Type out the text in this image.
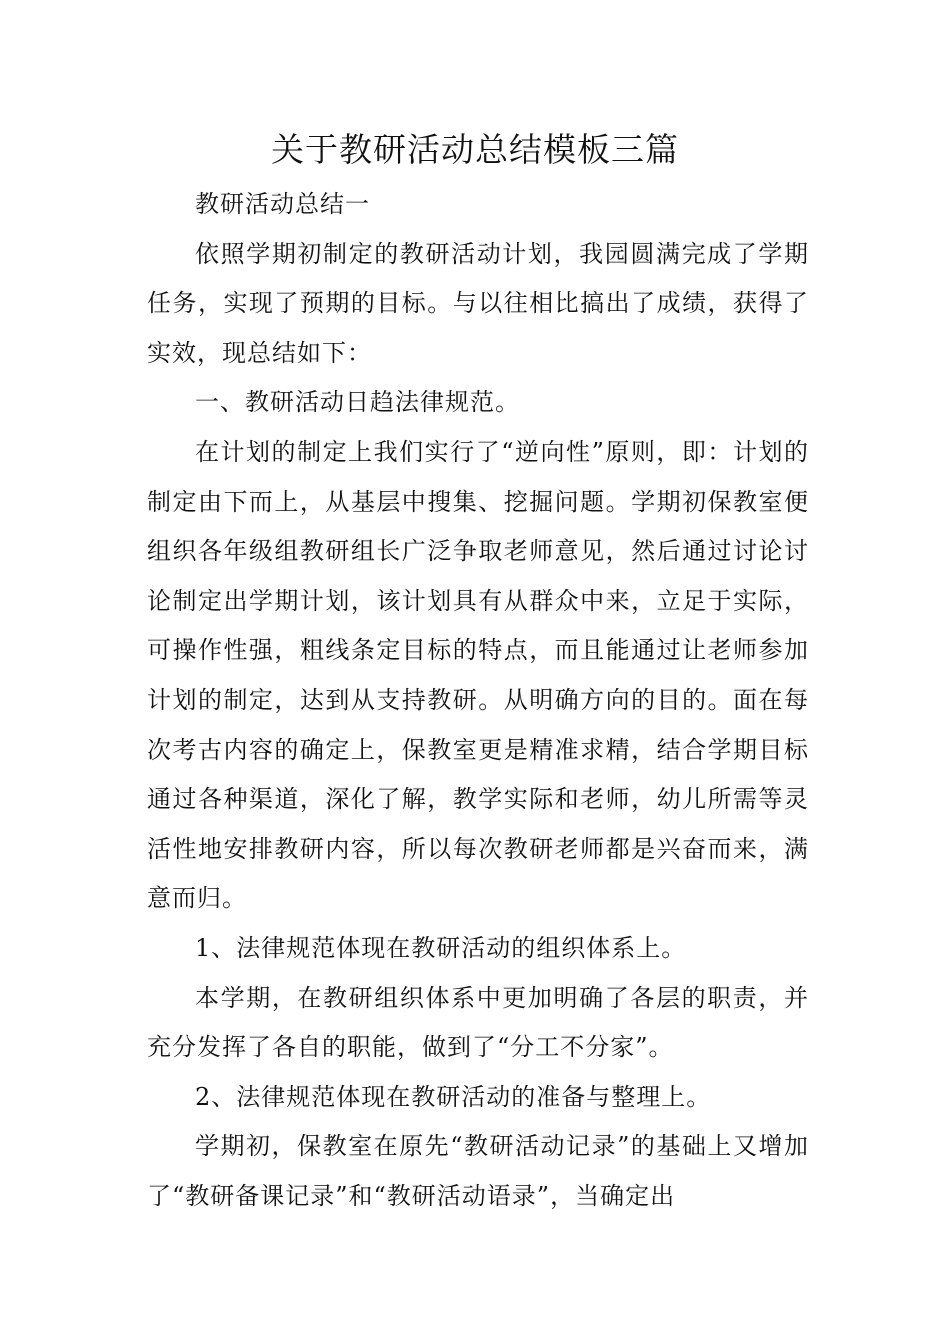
关于教研活动总结模板三篇

教研活动总结一

依照学期初制定的教研活动计划，我园圆满完成了学期任务，实现了预期的目标。与以往相比搞出了成绩，获得了实效，现总结如下：

一、教研活动日趋法律规范。

在计划的制定上我们实行了“逆向性”原则，即：计划的制定由下而上，从基层中搜集、挖掘问题。学期初保教室便组织各年级组教研组长广泛争取老师意见，然后通过讨论讨论制定出学期计划，该计划具有从群众中来，立足于实际，可操作性强，粗线条定目标的特点，而且能通过让老师参加计划的制定，达到从支持教研。从明确方向的目的。面在每次考古内容的确定上，保教室更是精准求精，结合学期目标通过各种渠道，深化了解，教学实际和老师，幼儿所需等灵活性地安排教研内容，所以每次教研老师都是兴奋而来，满意而归。

1、法律规范体现在教研活动的组织体系上。

本学期，在教研组织体系中更加明确了各层的职责，并充分发挥了各自的职能，做到了“分工不分家”。

2、法律规范体现在教研活动的准备与整理上。

学期初，保教室在原先“教研活动记录”的基础上又增加了“教研备课记录”和“教研活动语录”，当确定出
